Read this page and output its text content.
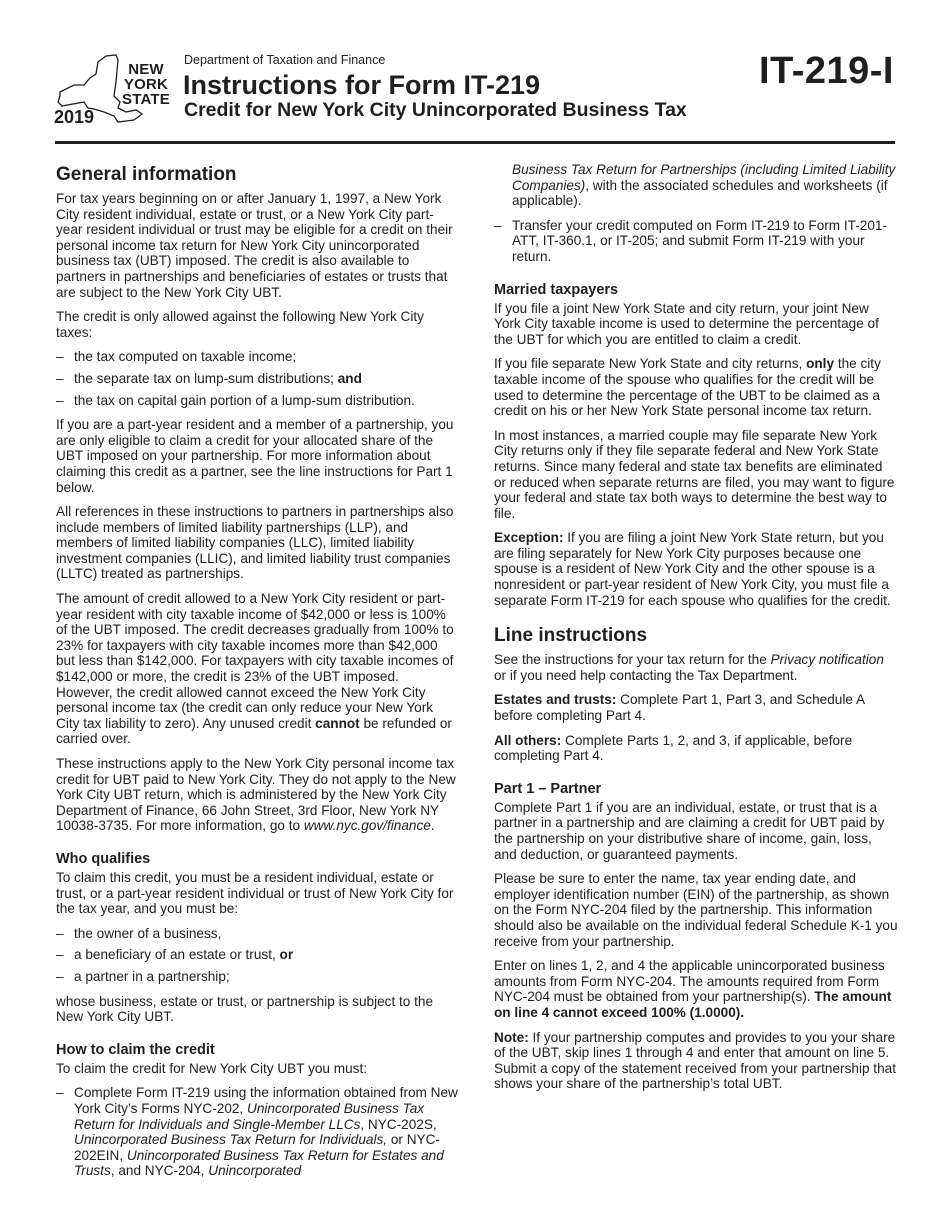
NEW
YORK
STATE
2019
Department of Taxation and Finance
Instructions for Form IT-219
Credit for New York City Unincorporated Business Tax
IT-219-I
General information

For tax years beginning on or after January 1, 1997, a New York City resident individual, estate or trust, or a New York City part-year resident individual or trust may be eligible for a credit on their personal income tax return for New York City unincorporated business tax (UBT) imposed. The credit is also available to partners in partnerships and beneficiaries of estates or trusts that are subject to the New York City UBT.

The credit is only allowed against the following New York City taxes:

– the tax computed on taxable income;
– the separate tax on lump-sum distributions; and
– the tax on capital gain portion of a lump-sum distribution.

If you are a part-year resident and a member of a partnership, you are only eligible to claim a credit for your allocated share of the UBT imposed on your partnership. For more information about claiming this credit as a partner, see the line instructions for Part 1 below.

All references in these instructions to partners in partnerships also include members of limited liability partnerships (LLP), and members of limited liability companies (LLC), limited liability investment companies (LLIC), and limited liability trust companies (LLTC) treated as partnerships.

The amount of credit allowed to a New York City resident or part-year resident with city taxable income of $42,000 or less is 100% of the UBT imposed. The credit decreases gradually from 100% to 23% for taxpayers with city taxable incomes more than $42,000 but less than $142,000. For taxpayers with city taxable incomes of $142,000 or more, the credit is 23% of the UBT imposed. However, the credit allowed cannot exceed the New York City personal income tax (the credit can only reduce your New York City tax liability to zero). Any unused credit cannot be refunded or carried over.

These instructions apply to the New York City personal income tax credit for UBT paid to New York City. They do not apply to the New York City UBT return, which is administered by the New York City Department of Finance, 66 John Street, 3rd Floor, New York NY 10038-3735. For more information, go to www.nyc.gov/finance.

Who qualifies

To claim this credit, you must be a resident individual, estate or trust, or a part-year resident individual or trust of New York City for the tax year, and you must be:

– the owner of a business,
– a beneficiary of an estate or trust, or
– a partner in a partnership;

whose business, estate or trust, or partnership is subject to the New York City UBT.

How to claim the credit

To claim the credit for New York City UBT you must:

– Complete Form IT-219 using the information obtained from New York City’s Forms NYC-202, Unincorporated Business Tax Return for Individuals and Single-Member LLCs, NYC-202S, Unincorporated Business Tax Return for Individuals, or NYC-202EIN, Unincorporated Business Tax Return for Estates and Trusts, and NYC-204, Unincorporated

Business Tax Return for Partnerships (including Limited Liability Companies), with the associated schedules and worksheets (if applicable).

– Transfer your credit computed on Form IT-219 to Form IT-201-ATT, IT-360.1, or IT-205; and submit Form IT-219 with your return.
Married taxpayers

If you file a joint New York State and city return, your joint New York City taxable income is used to determine the percentage of the UBT for which you are entitled to claim a credit.

If you file separate New York State and city returns, only the city taxable income of the spouse who qualifies for the credit will be used to determine the percentage of the UBT to be claimed as a credit on his or her New York State personal income tax return.

In most instances, a married couple may file separate New York City returns only if they file separate federal and New York State returns. Since many federal and state tax benefits are eliminated or reduced when separate returns are filed, you may want to figure your federal and state tax both ways to determine the best way to file.

Exception: If you are filing a joint New York State return, but you are filing separately for New York City purposes because one spouse is a resident of New York City and the other spouse is a nonresident or part-year resident of New York City, you must file a separate Form IT-219 for each spouse who qualifies for the credit.

Line instructions

See the instructions for your tax return for the Privacy notification or if you need help contacting the Tax Department.

Estates and trusts: Complete Part 1, Part 3, and Schedule A before completing Part 4.

All others: Complete Parts 1, 2, and 3, if applicable, before completing Part 4.

Part 1 – Partner

Complete Part 1 if you are an individual, estate, or trust that is a partner in a partnership and are claiming a credit for UBT paid by the partnership on your distributive share of income, gain, loss, and deduction, or guaranteed payments.

Please be sure to enter the name, tax year ending date, and employer identification number (EIN) of the partnership, as shown on the Form NYC-204 filed by the partnership. This information should also be available on the individual federal Schedule K-1 you receive from your partnership.

Enter on lines 1, 2, and 4 the applicable unincorporated business amounts from Form NYC-204. The amounts required from Form NYC-204 must be obtained from your partnership(s). The amount on line 4 cannot exceed 100% (1.0000).

Note: If your partnership computes and provides to you your share of the UBT, skip lines 1 through 4 and enter that amount on line 5. Submit a copy of the statement received from your partnership that shows your share of the partnership’s total UBT.
